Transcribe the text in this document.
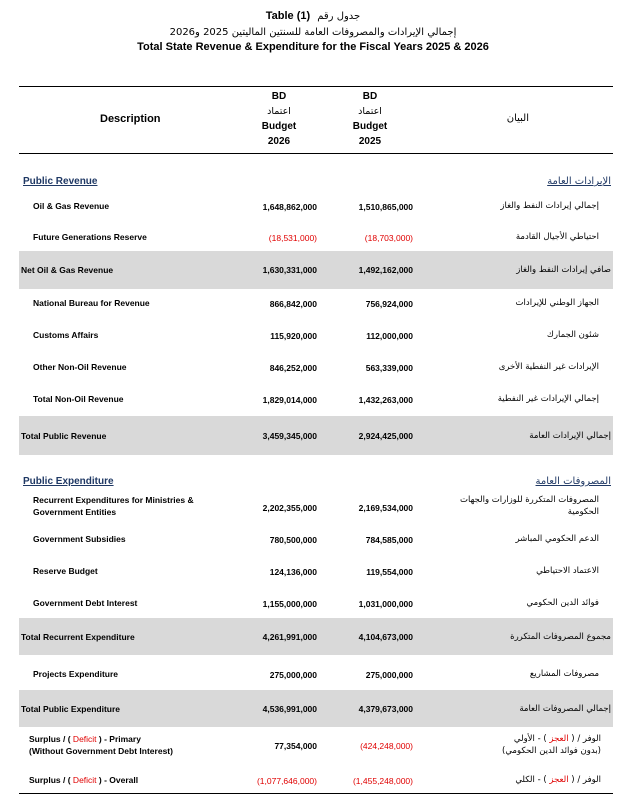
Table (1) جدول رقم
إجمالي الإيرادات والمصروفات العامة للسنتين الماليتين 2025 و2026
Total State Revenue & Expenditure for the Fiscal Years 2025 & 2026
Description
BD
اعتماد
Budget
2026
BD
اعتماد
Budget
2025
البيان
Public Revenue	الإيرادات العامة
Oil & Gas Revenue	1,648,862,000	1,510,865,000	إجمالي إيرادات النفط والغاز
Future Generations Reserve	(18,531,000)	(18,703,000)	احتياطي الأجيال القادمة
Net Oil & Gas Revenue	1,630,331,000	1,492,162,000	صافي إيرادات النفط والغاز
National Bureau for Revenue	866,842,000	756,924,000	الجهاز الوطني للإيرادات
Customs Affairs	115,920,000	112,000,000	شئون الجمارك
Other Non-Oil Revenue	846,252,000	563,339,000	الإيرادات غير النفطية الأخرى
Total Non-Oil Revenue	1,829,014,000	1,432,263,000	إجمالي الإيرادات غير النفطية
Total Public Revenue	3,459,345,000	2,924,425,000	إجمالي الإيرادات العامة
Public Expenditure	المصروفات العامة
Recurrent Expenditures for Ministries & Government Entities	2,202,355,000	2,169,534,000
المصروفات المتكررة للوزارات والجهات الحكومية
Government Subsidies	780,500,000	784,585,000	الدعم الحكومي المباشر
Reserve Budget	124,136,000	119,554,000	الاعتماد الاحتياطي
Government Debt Interest	1,155,000,000	1,031,000,000	فوائد الدين الحكومي
Total Recurrent Expenditure	4,261,991,000	4,104,673,000	مجموع المصروفات المتكررة
Projects Expenditure	275,000,000	275,000,000	مصروفات المشاريع
Total Public Expenditure	4,536,991,000	4,379,673,000	إجمالي المصروفات العامة
Surplus / ( Deficit ) - Primary
(Without Government Debt Interest)	77,354,000	(424,248,000)
الوفر / ( العجز ) - الأولي
(بدون فوائد الدين الحكومي)
Surplus / ( Deficit ) - Overall	(1,077,646,000)	(1,455,248,000)	الوفر / ( العجز ) - الكلي
